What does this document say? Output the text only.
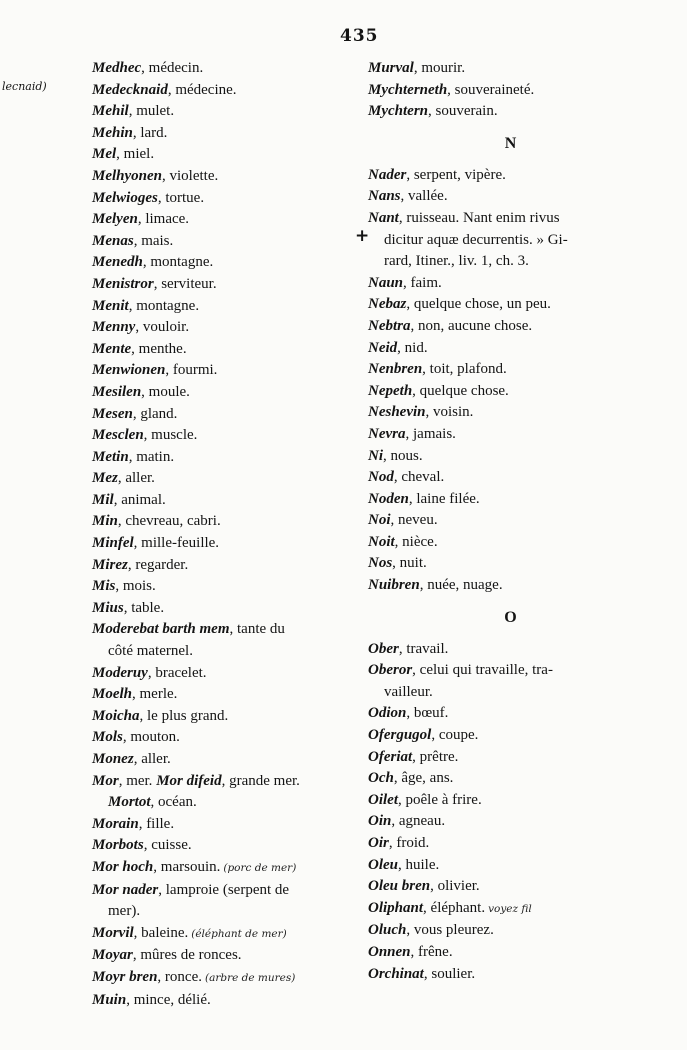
435
lecnaid)
+
Medhec, médecin.
Medecknaid, médecine.
Mehil, mulet.
Mehin, lard.
Mel, miel.
Melhyonen, violette.
Melwioges, tortue.
Melyen, limace.
Menas, mais.
Menedh, montagne.
Menistror, serviteur.
Menit, montagne.
Menny, vouloir.
Mente, menthe.
Menwionen, fourmi.
Mesilen, moule.
Mesen, gland.
Mesclen, muscle.
Metin, matin.
Mez, aller.
Mil, animal.
Min, chevreau, cabri.
Minfel, mille-feuille.
Mirez, regarder.
Mis, mois.
Mius, table.
Moderebat barth mem, tante du
côté maternel.
Moderuy, bracelet.
Moelh, merle.
Moicha, le plus grand.
Mols, mouton.
Monez, aller.
Mor, mer. Mor difeid, grande mer.
Mortot, océan.
Morain, fille.
Morbots, cuisse.
Mor hoch, marsouin. (porc de mer)
Mor nader, lamproie (serpent de
mer).
Morvil, baleine. (éléphant de mer)
Moyar, mûres de ronces.
Moyr bren, ronce. (arbre de mures)
Muin, mince, délié.
Murval, mourir.
Mychterneth, souveraineté.
Mychtern, souverain.
N
Nader, serpent, vipère.
Nans, vallée.
Nant, ruisseau. Nant enim rivus
dicitur aquæ decurrentis. » Gi-
rard, Itiner., liv. 1, ch. 3.
Naun, faim.
Nebaz, quelque chose, un peu.
Nebtra, non, aucune chose.
Neid, nid.
Nenbren, toit, plafond.
Nepeth, quelque chose.
Neshevin, voisin.
Nevra, jamais.
Ni, nous.
Nod, cheval.
Noden, laine filée.
Noi, neveu.
Noit, nièce.
Nos, nuit.
Nuibren, nuée, nuage.
O
Ober, travail.
Oberor, celui qui travaille, tra-
vailleur.
Odion, bœuf.
Ofergugol, coupe.
Oferiat, prêtre.
Och, âge, ans.
Oilet, poêle à frire.
Oin, agneau.
Oir, froid.
Oleu, huile.
Oleu bren, olivier.
Oliphant, éléphant. voyez fil
Oluch, vous pleurez.
Onnen, frêne.
Orchinat, soulier.
